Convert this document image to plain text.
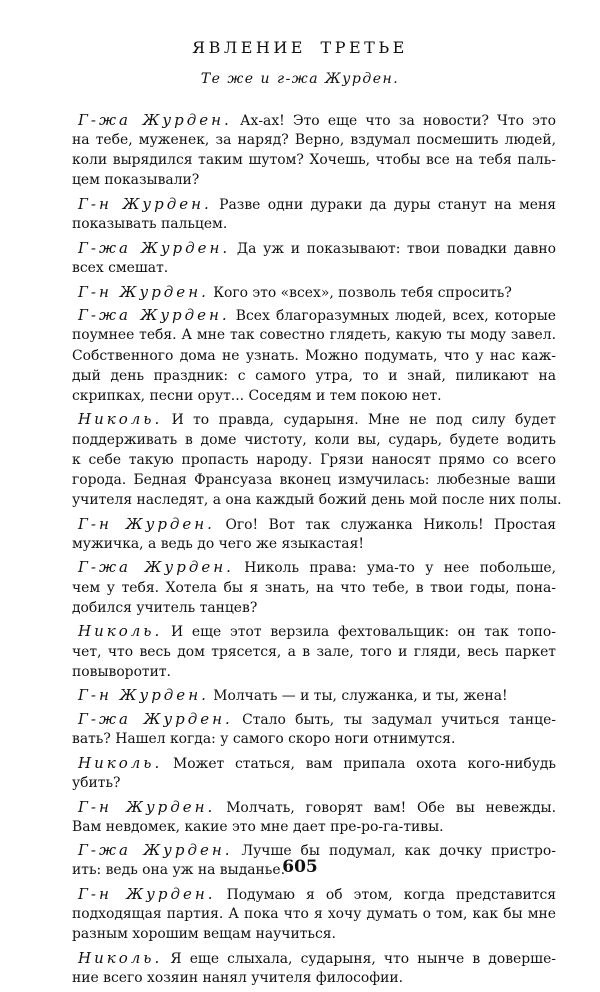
ЯВЛЕНИЕ ТРЕТЬЕ
Те же и г-жа Журден.
Г-жа Журден. Ах-ах! Это еще что за новости? Что это
на тебе, муженек, за наряд? Верно, вздумал посмешить людей,
коли вырядился таким шутом? Хочешь, чтобы все на тебя паль-
цем показывали?
Г-н Журден. Разве одни дураки да дуры станут на меня
показывать пальцем.
Г-жа Журден. Да уж и показывают: твои повадки давно
всех смешат.
Г-н Журден. Кого это «всех», позволь тебя спросить?
Г-жа Журден. Всех благоразумных людей, всех, которые
поумнее тебя. А мне так совестно глядеть, какую ты моду завел.
Собственного дома не узнать. Можно подумать, что у нас каж-
дый день праздник: с самого утра, то и знай, пиликают на
скрипках, песни орут... Соседям и тем покою нет.
Николь. И то правда, сударыня. Мне не под силу будет
поддерживать в доме чистоту, коли вы, сударь, будете водить
к себе такую пропасть народу. Грязи наносят прямо со всего
города. Бедная Франсуаза вконец измучилась: любезные ваши
учителя наследят, а она каждый божий день мой после них полы.
Г-н Журден. Ого! Вот так служанка Николь! Простая
мужичка, а ведь до чего же языкастая!
Г-жа Журден. Николь права: ума-то у нее побольше,
чем у тебя. Хотела бы я знать, на что тебе, в твои годы, пона-
добился учитель танцев?
Николь. И еще этот верзила фехтовальщик: он так топо-
чет, что весь дом трясется, а в зале, того и гляди, весь паркет
повыворотит.
Г-н Журден. Молчать — и ты, служанка, и ты, жена!
Г-жа Журден. Стало быть, ты задумал учиться танце-
вать? Нашел когда: у самого скоро ноги отнимутся.
Николь. Может статься, вам припала охота кого-нибудь
убить?
Г-н Журден. Молчать, говорят вам! Обе вы невежды.
Вам невдомек, какие это мне дает пре-ро-га-тивы.
Г-жа Журден. Лучше бы подумал, как дочку пристро-
ить: ведь она уж на выданье.
Г-н Журден. Подумаю я об этом, когда представится
подходящая партия. А пока что я хочу думать о том, как бы мне
разным хорошим вещам научиться.
Николь. Я еще слыхала, сударыня, что нынче в доверше-
ние всего хозяин нанял учителя философии.
605
